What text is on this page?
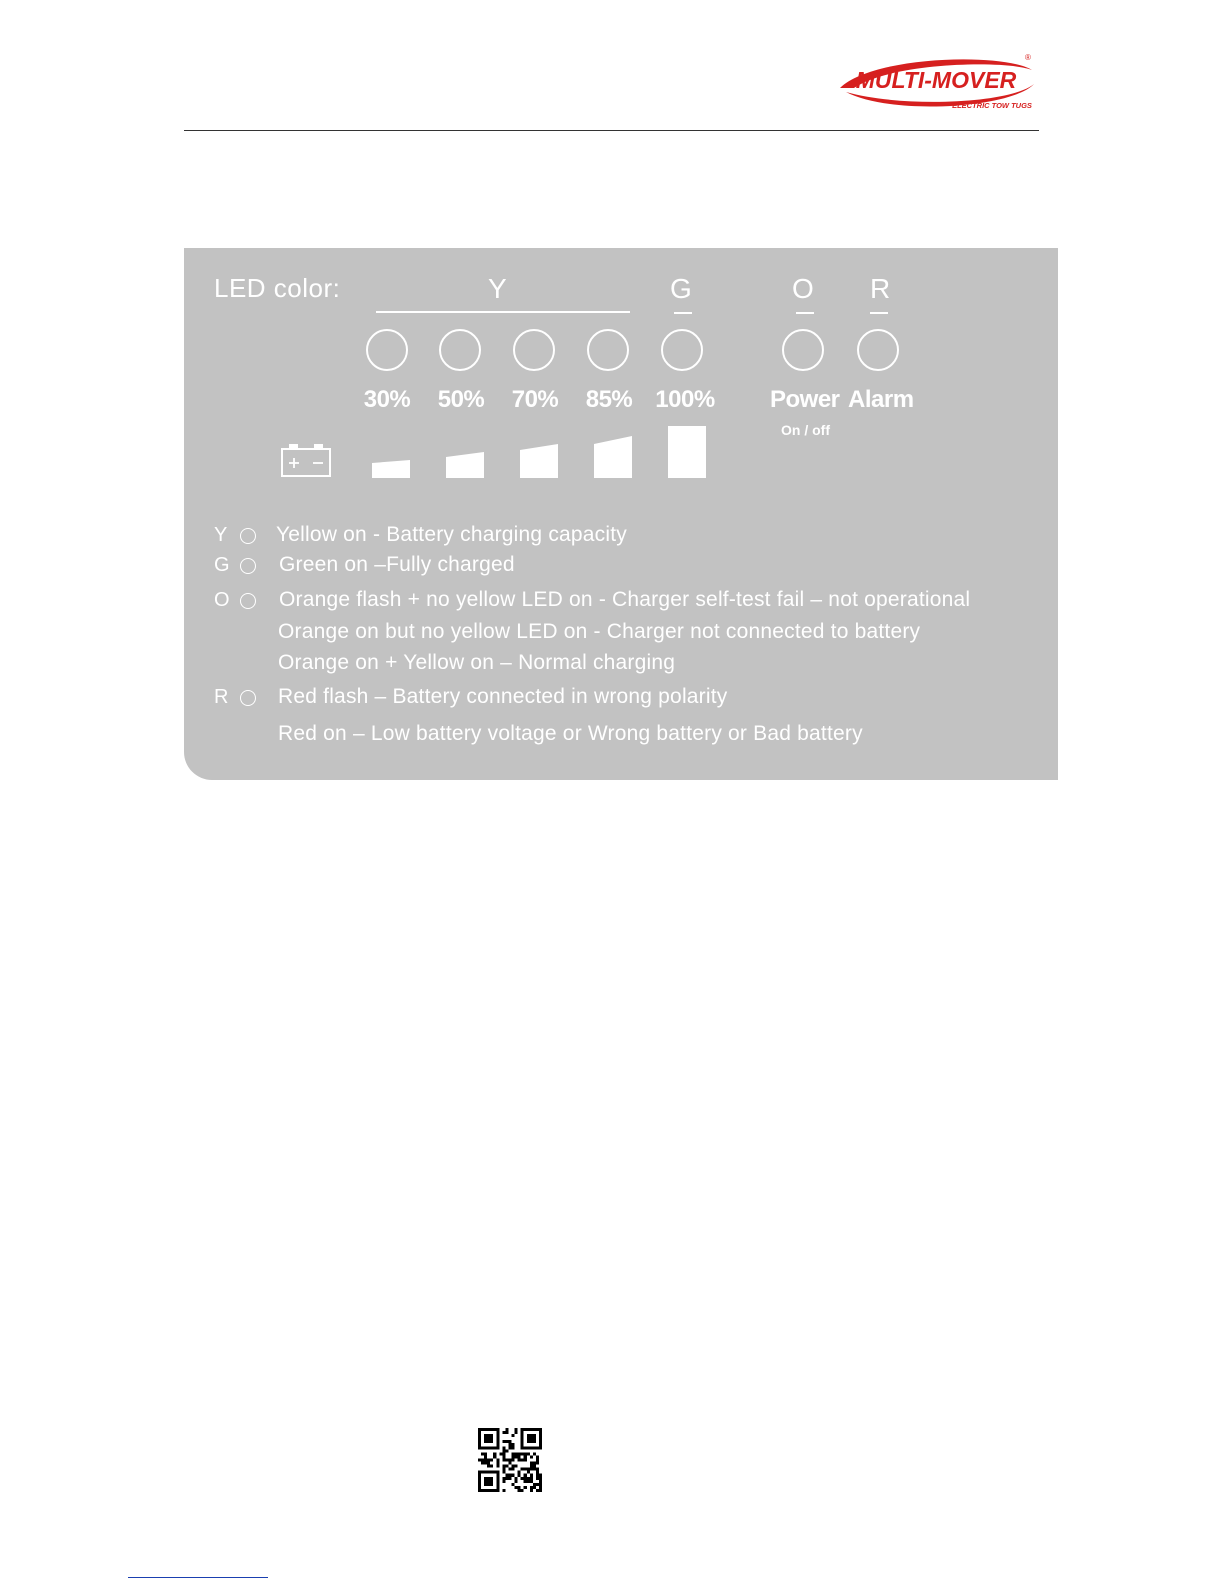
MULTI-MOVER
®
ELECTRIC TOW TUGS
LED color:	Y	G	O R
30%	50%	70%	85% 100% Power Alarm
On / off
Y Yellow on - Battery charging capacity
G Green on –Fully charged
O Orange flash + no yellow LED on - Charger self-test fail – not operational
Orange on but no yellow LED on - Charger not connected to battery
Orange on + Yellow on – Normal charging
R Red flash – Battery connected in wrong polarity
Red on – Low battery voltage or Wrong battery or Bad battery
